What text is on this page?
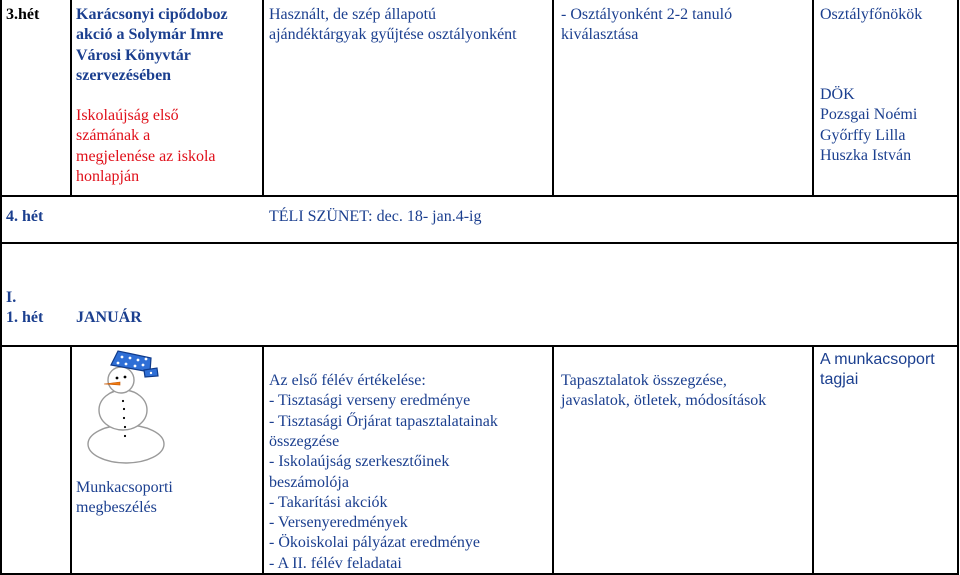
3.hét Karácsonyi cipődoboz
akció a Solymár Imre
Városi Könyvtár
szervezésében
Iskolaújság első
számának a
megjelenése az iskola
honlapján
Használt, de szép állapotú
ajándéktárgyak gyűjtése osztályonként
- Osztályonként 2-2 tanuló
kiválasztása
Osztályfőnökök
DÖK
Pozsgai Noémi
Győrffy Lilla
Huszka István
4. hét	TÉLI SZÜNET: dec. 18- jan.4-ig
I.
1. hét JANUÁR
Munkacsoporti
megbeszélés
Az első félév értékelése:
- Tisztasági verseny eredménye
- Tisztasági Őrjárat tapasztalatainak
összegzése
- Iskolaújság szerkesztőinek
beszámolója
- Takarítási akciók
- Versenyeredmények
- Ökoiskolai pályázat eredménye
- A II. félév feladatai
Tapasztalatok összegzése,
javaslatok, ötletek, módosítások
A munkacsoport
tagjai
